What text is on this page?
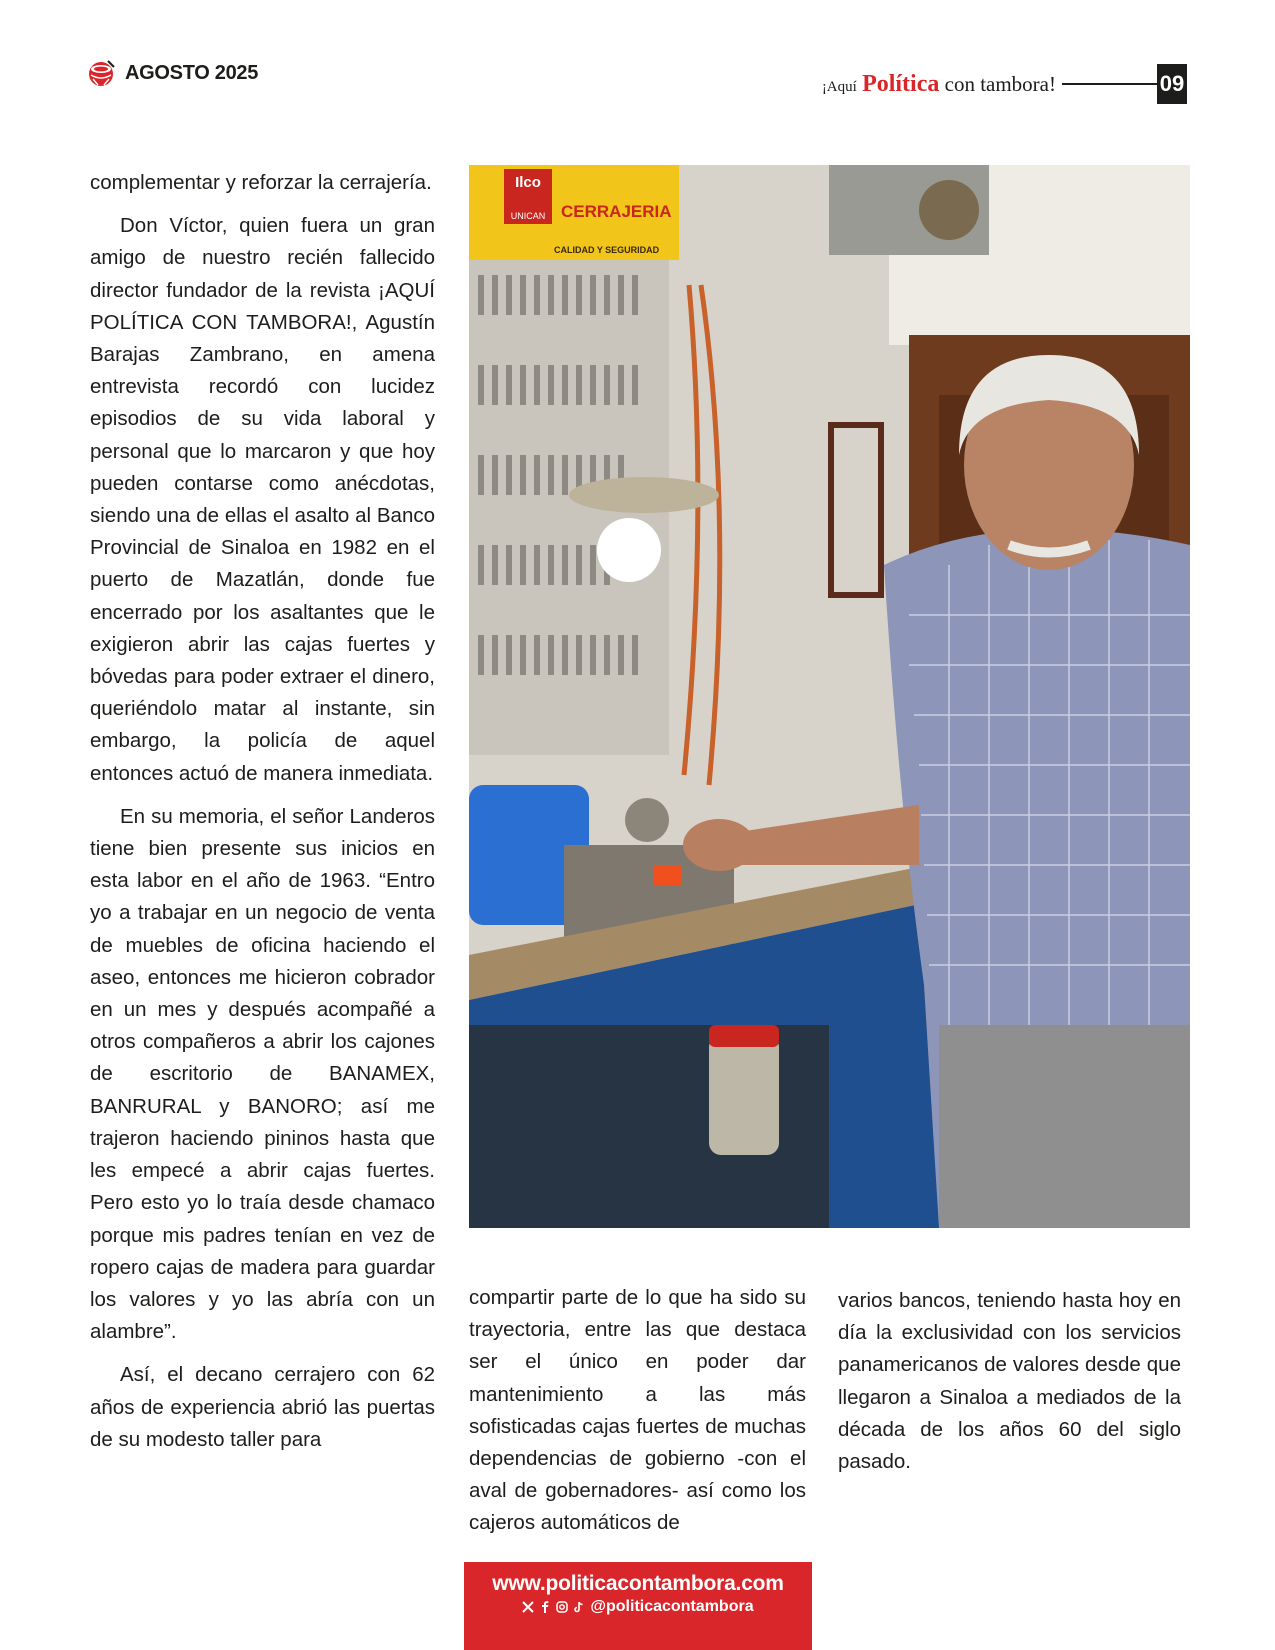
AGOSTO 2025
¡Aquí Política con tambora!	09

complementar y reforzar la cerrajería.

Don Víctor, quien fuera un gran amigo de nuestro recién fallecido director fundador de la revista ¡AQUÍ POLÍTICA CON TAMBORA!, Agustín Barajas Zambrano, en amena entrevista recordó con lucidez episodios de su vida laboral y personal que lo marcaron y que hoy pueden contarse como anécdotas, siendo una de ellas el asalto al Banco Provincial de Sinaloa en 1982 en el puerto de Mazatlán, donde fue encerrado por los asaltantes que le exigieron abrir las cajas fuertes y bóvedas para poder extraer el dinero, queriéndolo matar al instante, sin embargo, la policía de aquel entonces actuó de manera inmediata.

En su memoria, el señor Landeros tiene bien presente sus inicios en esta labor en el año de 1963. “Entro yo a trabajar en un negocio de venta de muebles de oficina haciendo el aseo, entonces me hicieron cobrador en un mes y después acompañé a otros compañeros a abrir los cajones de escritorio de BANAMEX, BANRURAL y BANORO; así me trajeron haciendo pininos hasta que les empecé a abrir cajas fuertes. Pero esto yo lo traía desde chamaco porque mis padres tenían en vez de ropero cajas de madera para guardar los valores y yo las abría con un alambre”.

Así, el decano cerrajero con 62 años de experiencia abrió las puertas de su modesto taller para

Ilco
UNICAN CERRAJERIA
CALIDAD Y SEGURIDAD

compartir parte de lo que ha sido su trayectoria, entre las que destaca ser el único en poder dar mantenimiento a las más sofisticadas cajas fuertes de muchas dependencias de gobierno -con el aval de gobernadores- así como los cajeros automáticos de

varios bancos, teniendo hasta hoy en día la exclusividad con los servicios panamericanos de valores desde que llegaron a Sinaloa a mediados de la década de los años 60 del siglo pasado.

www.politicacontambora.com
@politicacontambora
